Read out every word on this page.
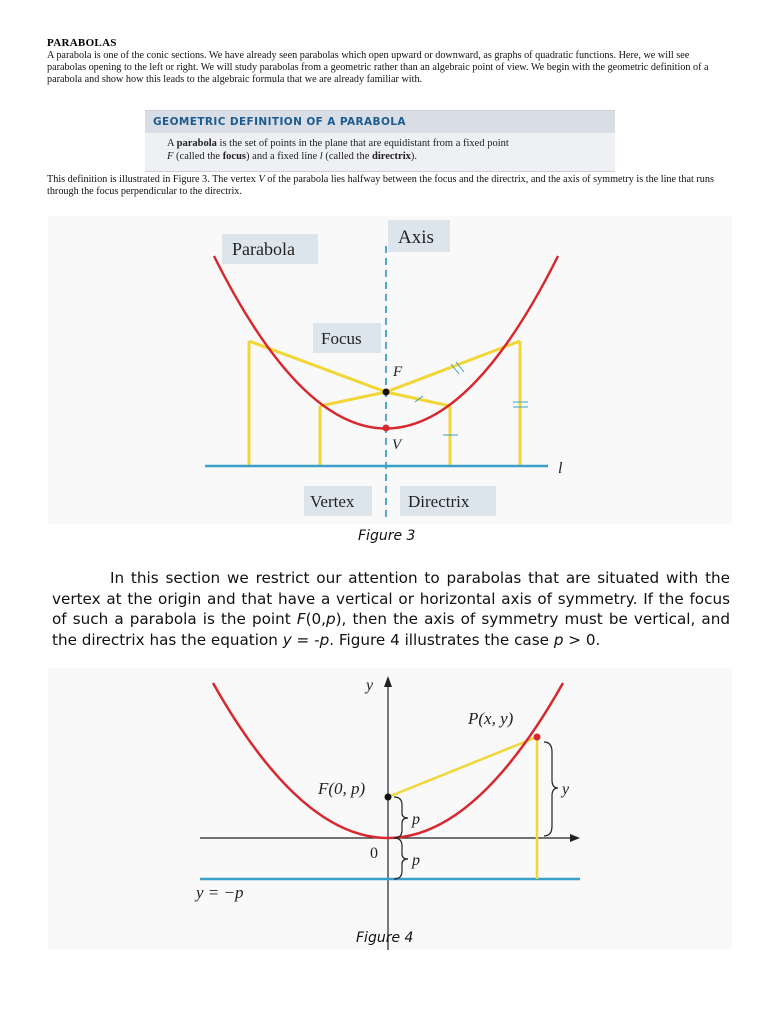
PARABOLAS
A parabola is one of the conic sections. We have already seen parabolas which open upward or downward, as graphs of quadratic functions. Here, we will see parabolas opening to the left or right. We will study parabolas from a geometric rather than an algebraic point of view. We begin with the geometric definition of a parabola and show how this leads to the algebraic formula that we are already familiar with.
GEOMETRIC DEFINITION OF A PARABOLA
A parabola is the set of points in the plane that are equidistant from a fixed point
F (called the focus) and a fixed line l (called the directrix).
This definition is illustrated in Figure 3. The vertex V of the parabola lies halfway between the focus and the directrix, and the axis of symmetry is the line that runs through the focus perpendicular to the directrix.
Parabola
Axis
Focus
F
V
l
Vertex	Directrix
Figure 3
In this section we restrict our attention to parabolas that are situated with the vertex at the origin and that have a vertical or horizontal axis of symmetry. If the focus of such a parabola is the point F(0,p), then the axis of symmetry must be vertical, and the directrix has the equation y = -p. Figure 4 illustrates the case p > 0.
y
P(x, y)
F(0, p)
p
0 p
y
y = −p
Figure 4
